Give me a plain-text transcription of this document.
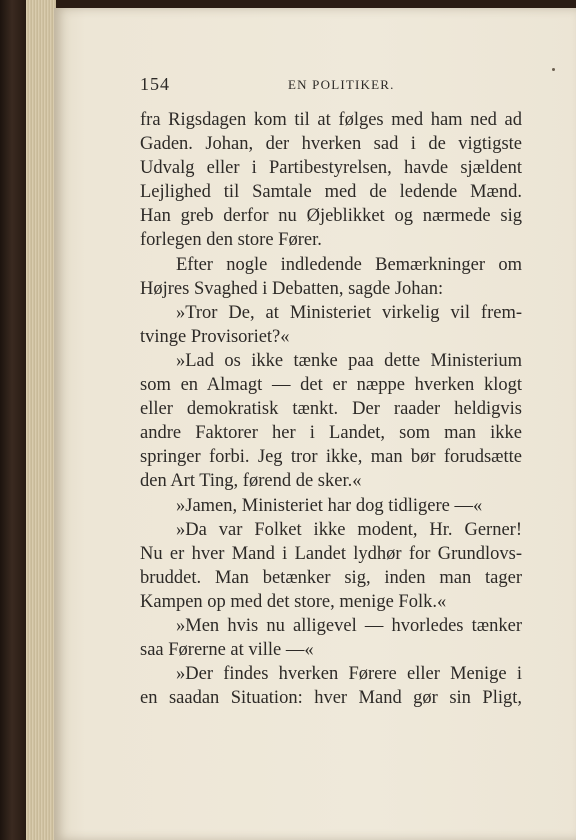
154	EN POLITIKER.
fra Rigsdagen kom til at følges med ham ned ad
Gaden. Johan, der hverken sad i de vigtigste
Udvalg eller i Partibestyrelsen, havde sjældent
Lejlighed til Samtale med de ledende Mænd.
Han greb derfor nu Øjeblikket og nærmede sig
forlegen den store Fører.
Efter nogle indledende Bemærkninger om
Højres Svaghed i Debatten, sagde Johan:
»Tror De, at Ministeriet virkelig vil frem-
tvinge Provisoriet?«
»Lad os ikke tænke paa dette Ministerium
som en Almagt — det er næppe hverken klogt
eller demokratisk tænkt. Der raader heldigvis
andre Faktorer her i Landet, som man ikke
springer forbi. Jeg tror ikke, man bør forudsætte
den Art Ting, førend de sker.«
»Jamen, Ministeriet har dog tidligere —«
»Da var Folket ikke modent, Hr. Gerner!
Nu er hver Mand i Landet lydhør for Grundlovs-
bruddet. Man betænker sig, inden man tager
Kampen op med det store, menige Folk.«
»Men hvis nu alligevel — hvorledes tænker
saa Førerne at ville —«
»Der findes hverken Førere eller Menige i
en saadan Situation: hver Mand gør sin Pligt,
